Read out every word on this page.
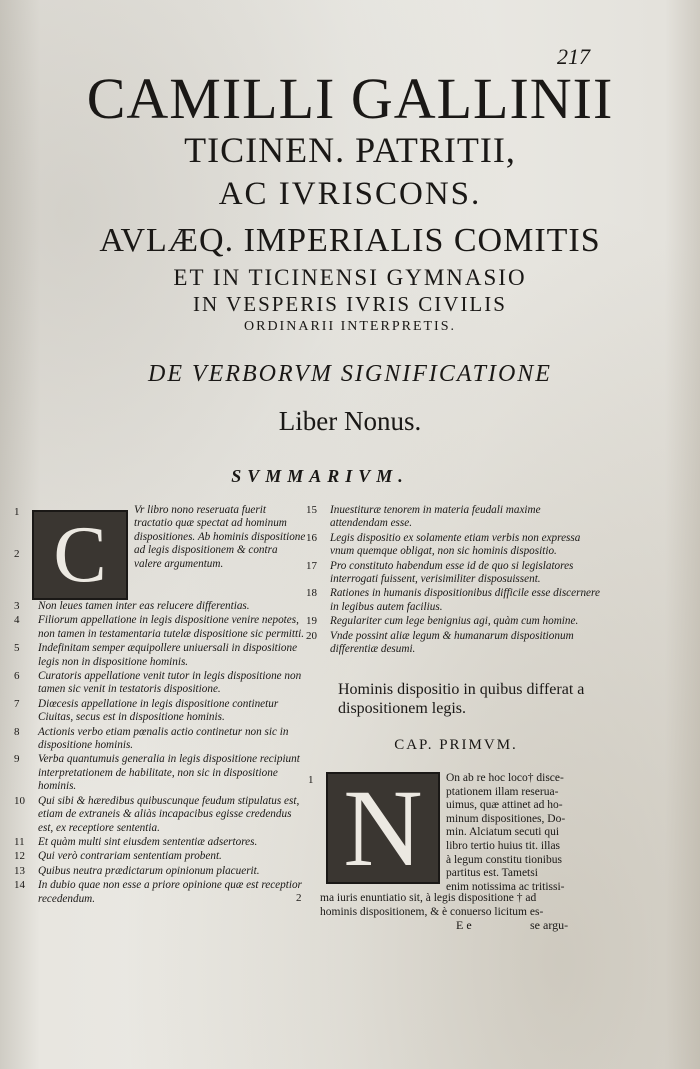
217
CAMILLI GALLINII
TICINEN. PATRITII,
AC IVRISCONS.
AVLÆQ. IMPERIALIS COMITIS
ET IN TICINENSI GYMNASIO
IN VESPERIS IVRIS CIVILIS
ORDINARII INTERPRETIS.
DE VERBORVM SIGNIFICATIONE
Liber Nonus.
SVMMARIVM.
1
2 C
Vr libro nono reseruata fuerit tractatio quæ spectat ad hominum dispositiones. Ab hominis dispositione ad legis dispositionem & contra valere argumentum.
3	Non leues tamen inter eas relucere differentias.
4	Filiorum appellatione in legis dispositione venire nepotes, non tamen in testamentaria tutelæ dispositione sic permitti.
5	Indefinitam semper æquipollere uniuersali in dispositione legis non in dispositione hominis.
6	Curatoris appellatione venit tutor in legis dispositione non tamen sic venit in testatoris dispositione.
7	Diœcesis appellatione in legis dispositione continetur Ciuitas, secus est in dispositione hominis.
8	Actionis verbo etiam pœnalis actio continetur non sic in dispositione hominis.
9	Verba quantumuis generalia in legis dispositione recipiunt interpretationem de habilitate, non sic in dispositione hominis.
10	Qui sibi & hæredibus quibuscunque feudum stipulatus est, etiam de extraneis & aliàs incapacibus egisse credendus est, ex receptiore sententia.
11	Et quàm multi sint eiusdem sententiæ adsertores.
12	Qui verò contrariam sententiam probent.
13	Quibus neutra prædictarum opinionum placuerit.
14	In dubio quae non esse a priore opinione quæ est receptior recedendum.
15	Inuestituræ tenorem in materia feudali maxime attendendam esse.
16	Legis dispositio ex solamente etiam verbis non expressa vnum quemque obligat, non sic hominis dispositio.
17	Pro constituto habendum esse id de quo si legislatores interrogati fuissent, verisimiliter disposuissent.
18	Rationes in humanis dispositionibus difficile esse discernere in legibus autem facilius.
19	Regulariter cum lege benignius agi, quàm cum homine.
20	Vnde possint aliæ legum & humanarum dispositionum differentiæ desumi.
Hominis dispositio in quibus differat a dispositionem legis.
CAP. PRIMVM.
1 N	On ab re hoc loco† disce-
ptationem illam reserua-
uimus, quæ attinet ad ho-
minum dispositiones, Do-
min. Alciatum secuti qui
libro tertio huius tit. illas
à legum constitu tionibus
partitus est. Tametsi
enim notissima ac tritissi-
2 ma iuris enuntiatio sit, à legis dispositione † ad
hominis dispositionem, & è conuerso licitum es-
E e	se argu-
